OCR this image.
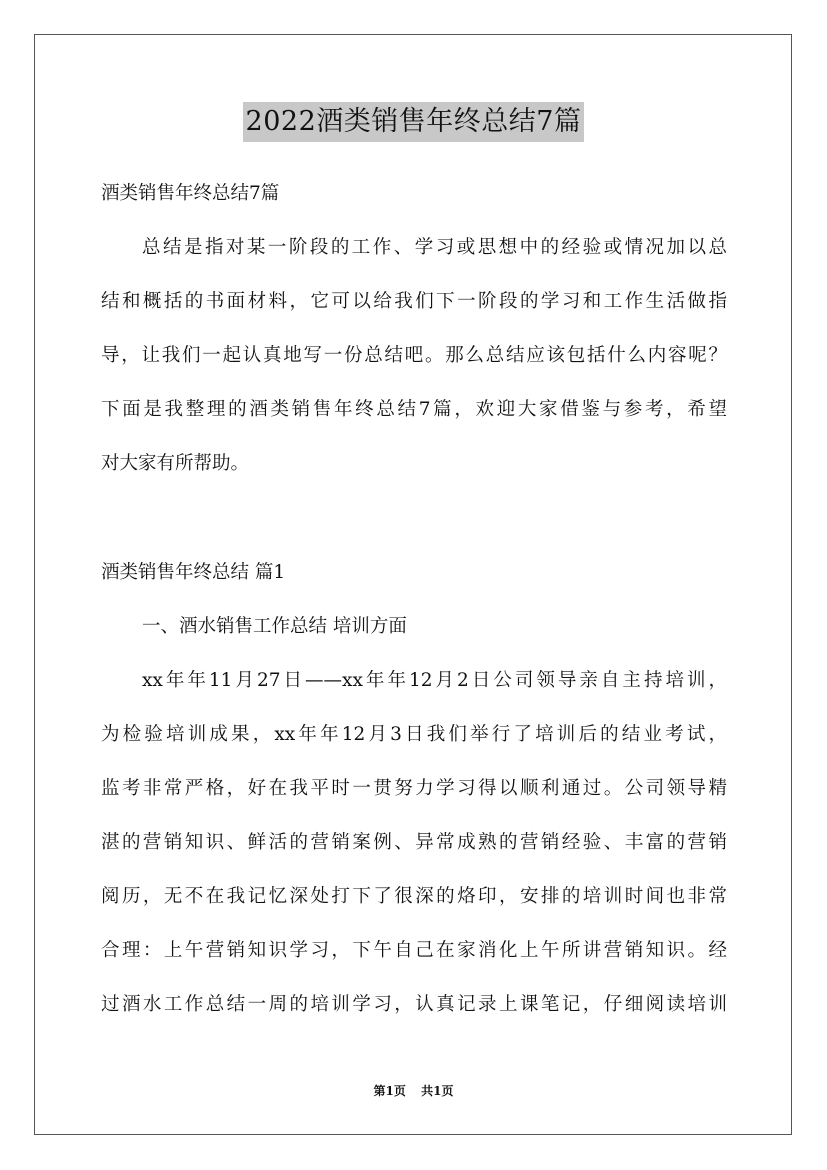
2022酒类销售年终总结7篇
酒类销售年终总结7篇
总结是指对某一阶段的工作、学习或思想中的经验或情况加以总
结和概括的书面材料，它可以给我们下一阶段的学习和工作生活做指
导，让我们一起认真地写一份总结吧。那么总结应该包括什么内容呢？
下面是我整理的酒类销售年终总结7篇，欢迎大家借鉴与参考，希望
对大家有所帮助。
酒类销售年终总结 篇1
一、酒水销售工作总结 培训方面
xx年年11月27日——xx年年12月2日公司领导亲自主持培训，
为检验培训成果，xx年年12月3日我们举行了培训后的结业考试，
监考非常严格，好在我平时一贯努力学习得以顺利通过。公司领导精
湛的营销知识、鲜活的营销案例、异常成熟的营销经验、丰富的营销
阅历，无不在我记忆深处打下了很深的烙印，安排的培训时间也非常
合理：上午营销知识学习，下午自己在家消化上午所讲营销知识。经
过酒水工作总结一周的培训学习，认真记录上课笔记，仔细阅读培训
第1页 共1页
